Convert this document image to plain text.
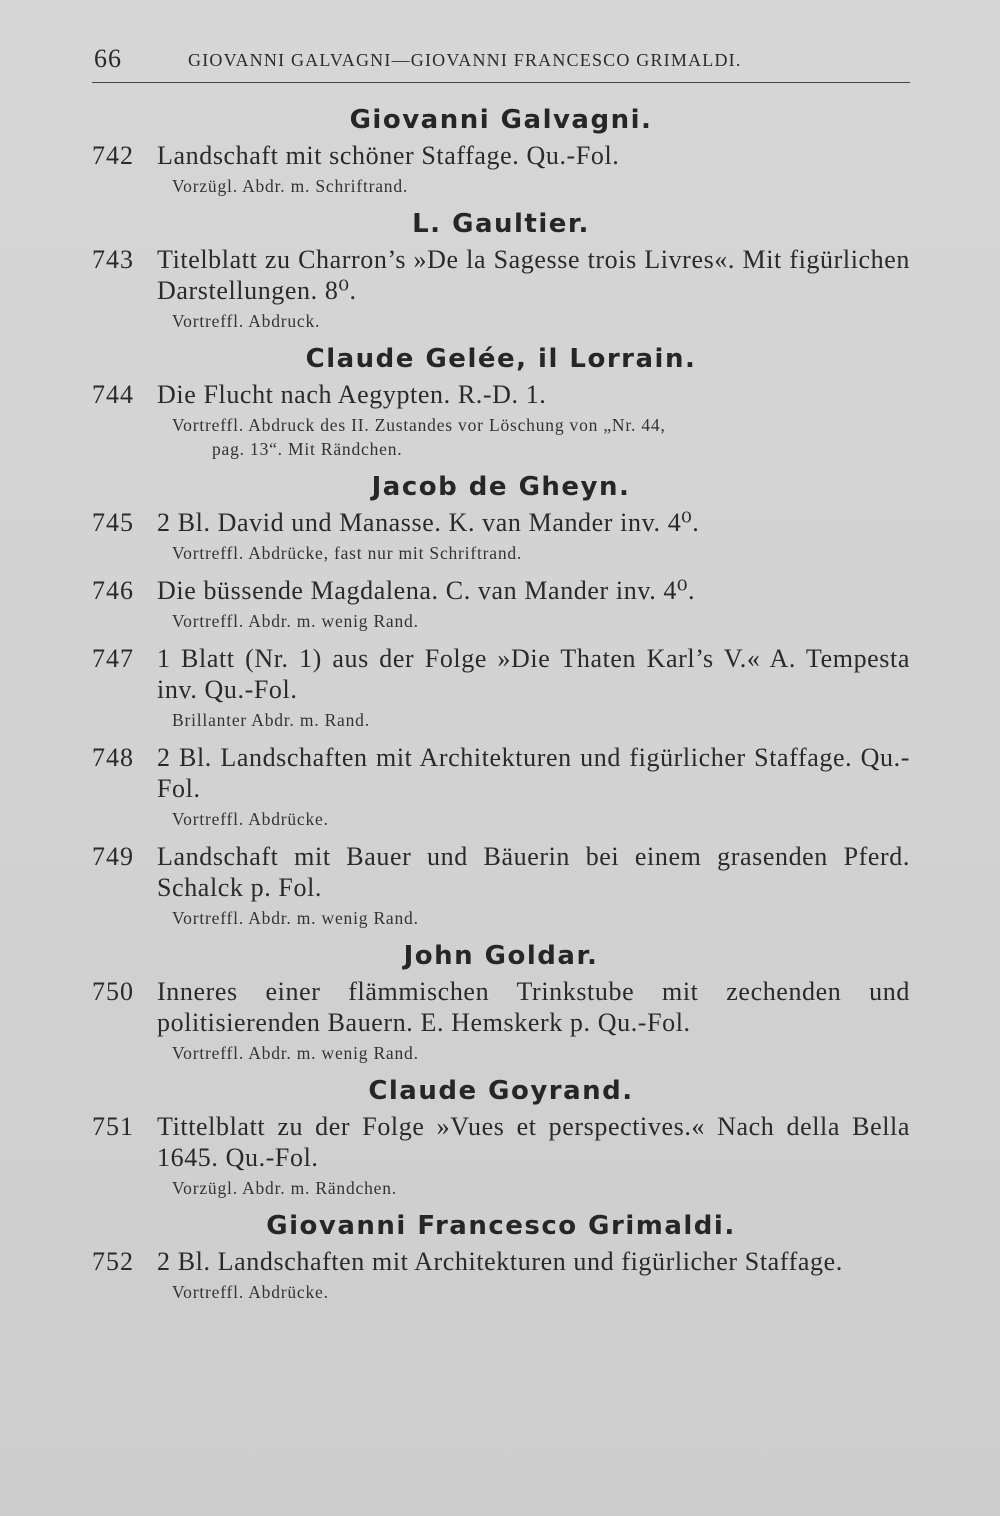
66	GIOVANNI GALVAGNI—GIOVANNI FRANCESCO GRIMALDI.
Giovanni Galvagni.
742 Landschaft mit schöner Staffage. Qu.-Fol.
Vorzügl. Abdr. m. Schriftrand.
L. Gaultier.
743 Titelblatt zu Charron’s »De la Sagesse trois Livres«. Mit figürlichen Darstellungen. 8⁰.
Vortreffl. Abdruck.
Claude Gelée, il Lorrain.
744 Die Flucht nach Aegypten. R.-D. 1.
Vortreffl. Abdruck des II. Zustandes vor Löschung von „Nr. 44,
pag. 13“. Mit Rändchen.
Jacob de Gheyn.
745 2 Bl. David und Manasse. K. van Mander inv. 4⁰.
Vortreffl. Abdrücke, fast nur mit Schriftrand.
746 Die büssende Magdalena. C. van Mander inv. 4⁰.
Vortreffl. Abdr. m. wenig Rand.
747 1 Blatt (Nr. 1) aus der Folge »Die Thaten Karl’s V.« A. Tempesta inv. Qu.-Fol.
Brillanter Abdr. m. Rand.
748 2 Bl. Landschaften mit Architekturen und figürlicher Staffage. Qu.-Fol.
Vortreffl. Abdrücke.
749 Landschaft mit Bauer und Bäuerin bei einem grasenden Pferd. Schalck p. Fol.
Vortreffl. Abdr. m. wenig Rand.
John Goldar.
750 Inneres einer flämmischen Trinkstube mit zechenden und politisierenden Bauern. E. Hemskerk p. Qu.-Fol.
Vortreffl. Abdr. m. wenig Rand.
Claude Goyrand.
751 Tittelblatt zu der Folge »Vues et perspectives.« Nach della Bella 1645. Qu.-Fol.
Vorzügl. Abdr. m. Rändchen.
Giovanni Francesco Grimaldi.
752 2 Bl. Landschaften mit Architekturen und figürlicher Staffage.
Vortreffl. Abdrücke.
